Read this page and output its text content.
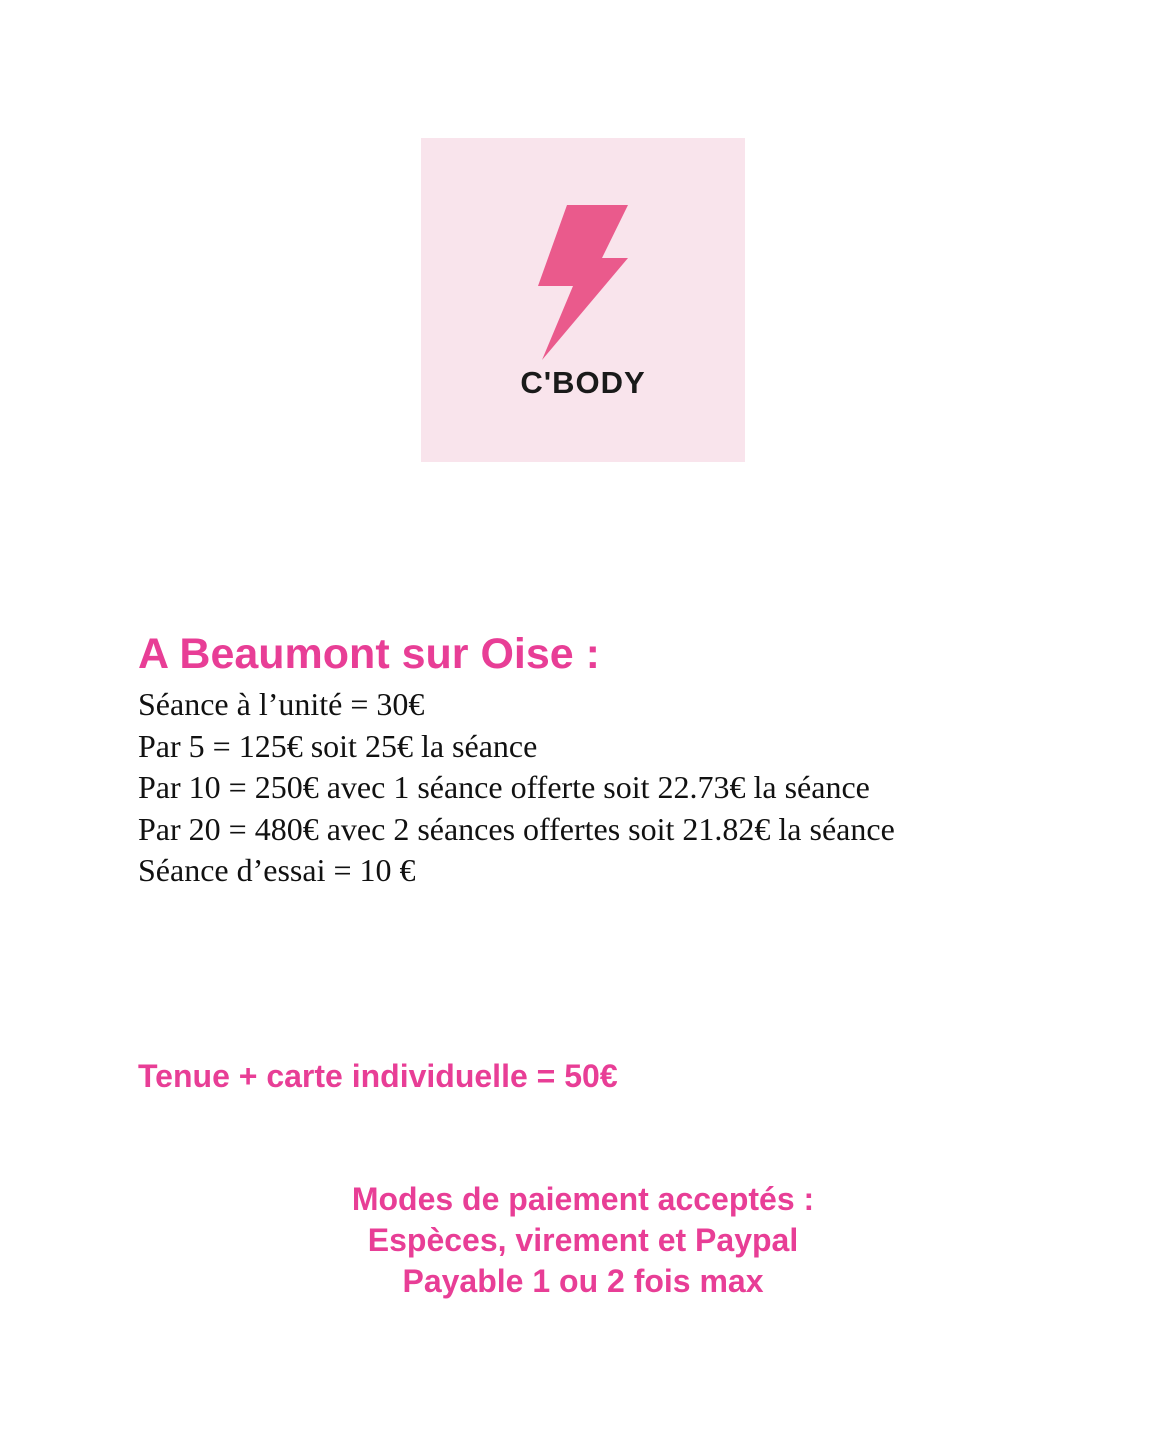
C'BODY
A Beaumont sur Oise :
Séance à l’unité = 30€
Par 5 = 125€ soit 25€ la séance
Par 10 = 250€ avec 1 séance offerte soit 22.73€ la séance
Par 20 = 480€ avec 2 séances offertes soit 21.82€ la séance
Séance d’essai = 10 €

Tenue + carte individuelle = 50€

Modes de paiement acceptés :
Espèces, virement et Paypal
Payable 1 ou 2 fois max
